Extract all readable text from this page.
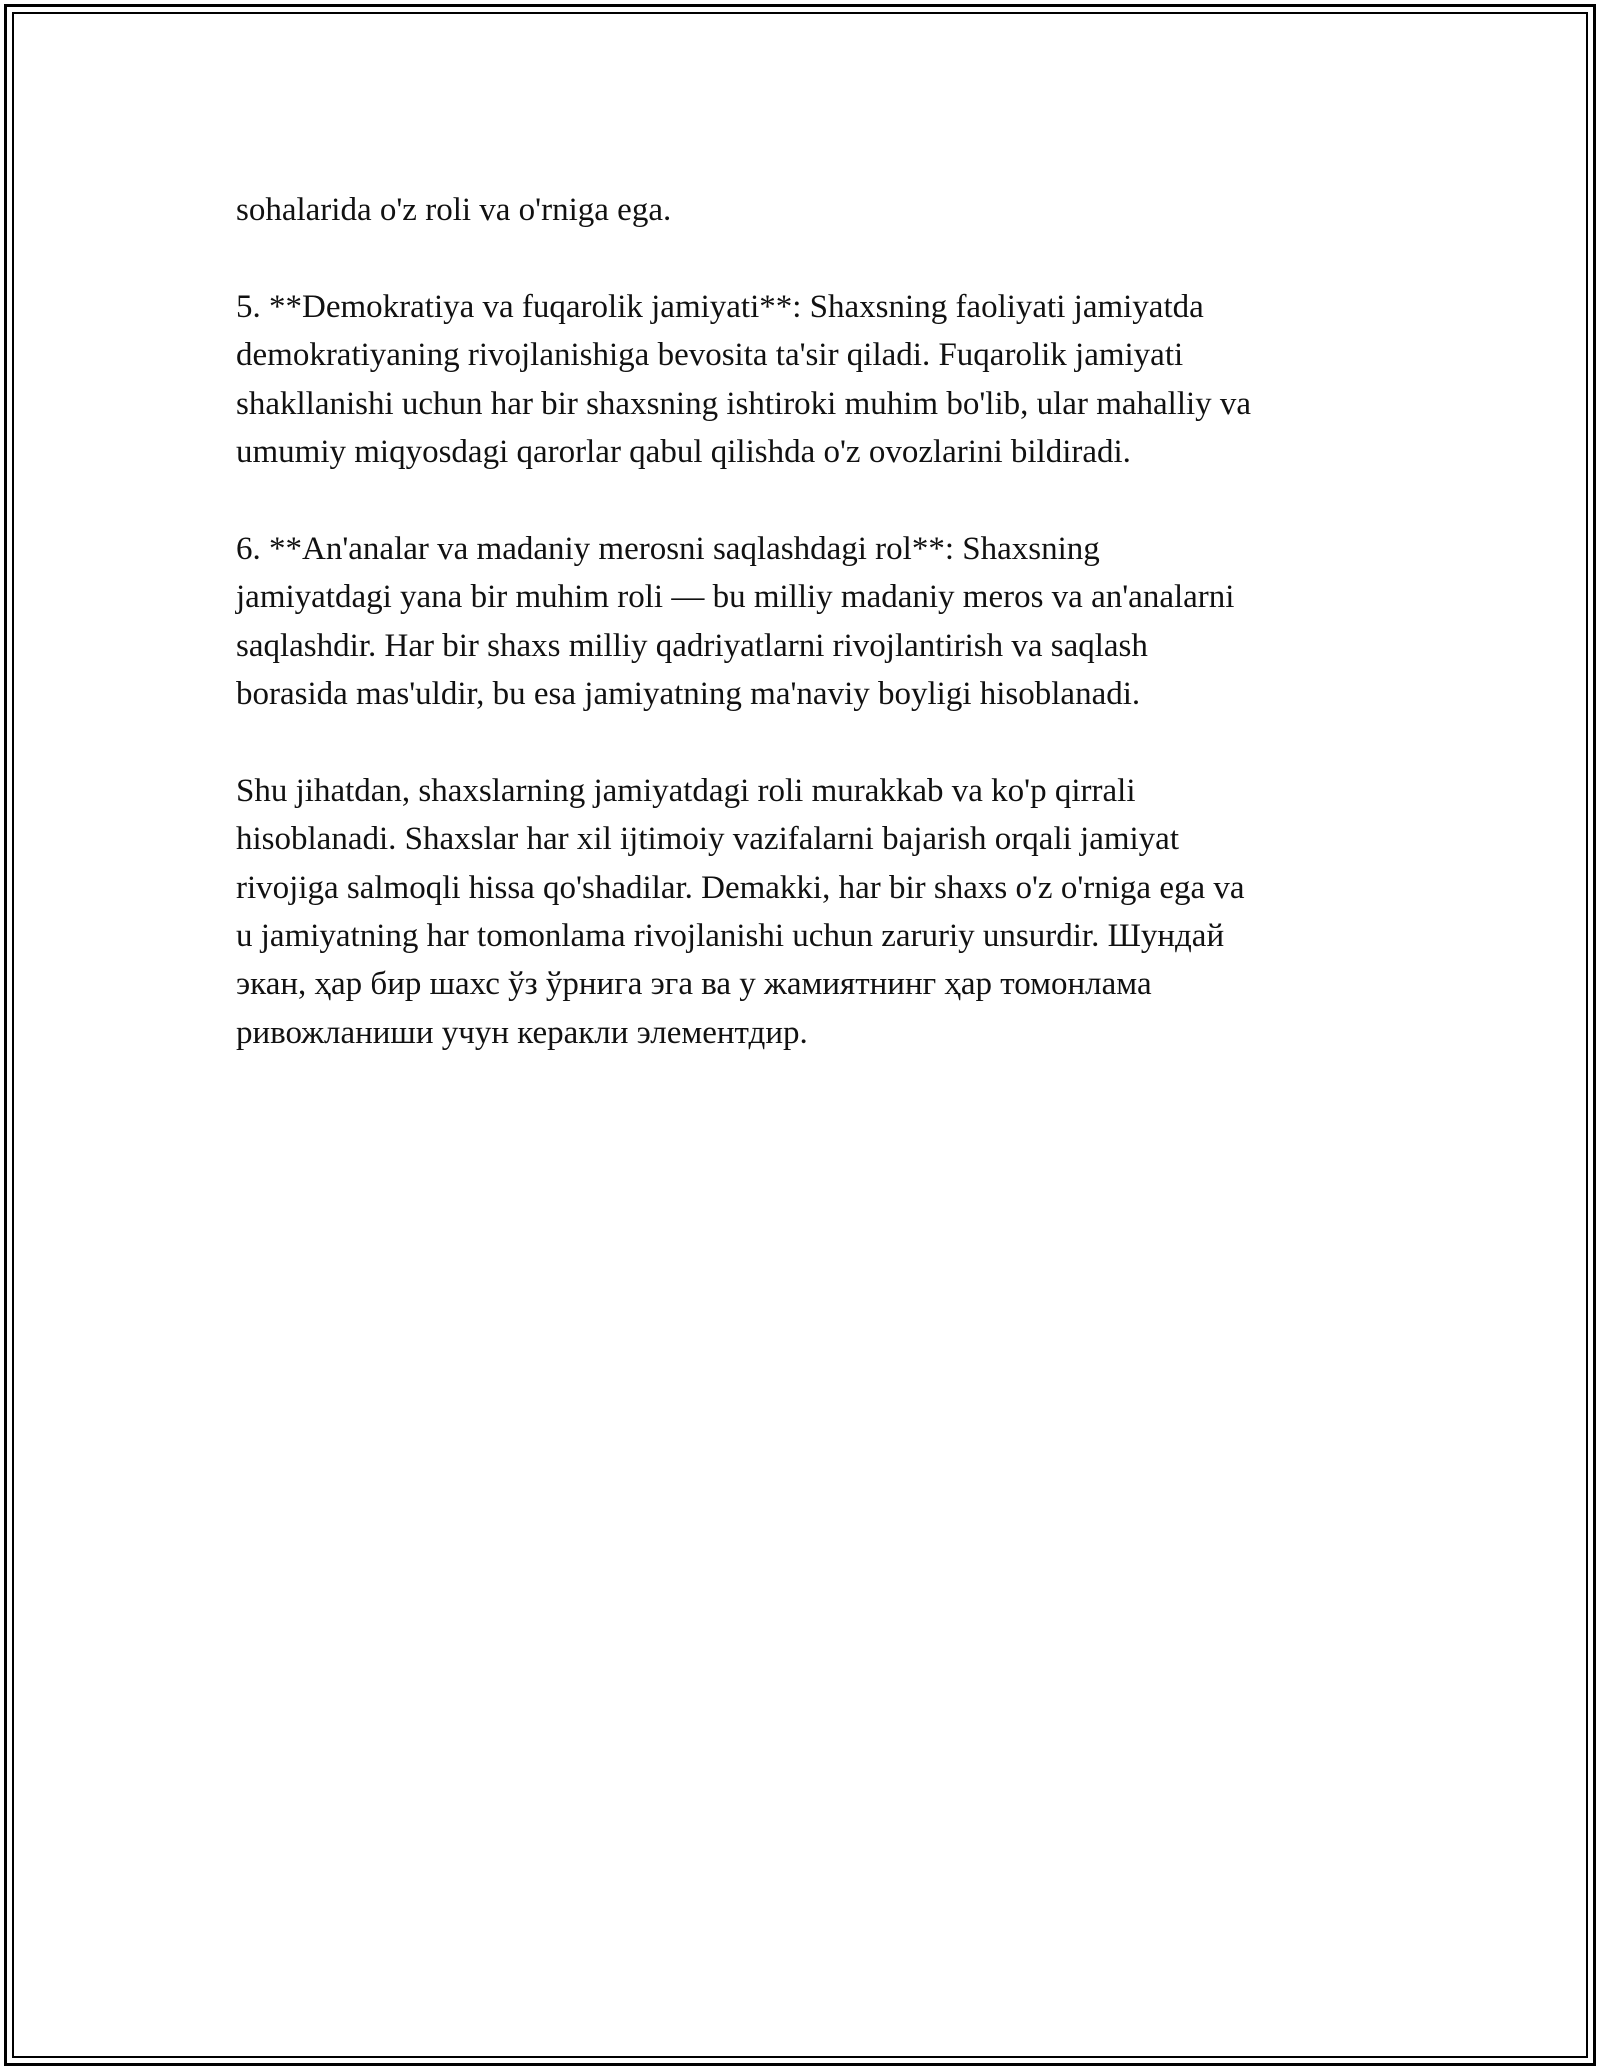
sohalarida o'z roli va o'rniga ega.

5. **Demokratiya va fuqarolik jamiyati**: Shaxsning faoliyati jamiyatda
demokratiyaning rivojlanishiga bevosita ta'sir qiladi. Fuqarolik jamiyati
shakllanishi uchun har bir shaxsning ishtiroki muhim bo'lib, ular mahalliy va
umumiy miqyosdagi qarorlar qabul qilishda o'z ovozlarini bildiradi.

6. **An'analar va madaniy merosni saqlashdagi rol**: Shaxsning
jamiyatdagi yana bir muhim roli — bu milliy madaniy meros va an'analarni
saqlashdir. Har bir shaxs milliy qadriyatlarni rivojlantirish va saqlash
borasida mas'uldir, bu esa jamiyatning ma'naviy boyligi hisoblanadi.

Shu jihatdan, shaxslarning jamiyatdagi roli murakkab va ko'p qirrali
hisoblanadi. Shaxslar har xil ijtimoiy vazifalarni bajarish orqali jamiyat
rivojiga salmoqli hissa qo'shadilar. Demakki, har bir shaxs o'z o'rniga ega va
u jamiyatning har tomonlama rivojlanishi uchun zaruriy unsurdir. Шундай
экан, ҳар бир шахс ўз ўрнига эга ва у жамиятнинг ҳар томонлама
ривожланиши учун керакли элементдир.
